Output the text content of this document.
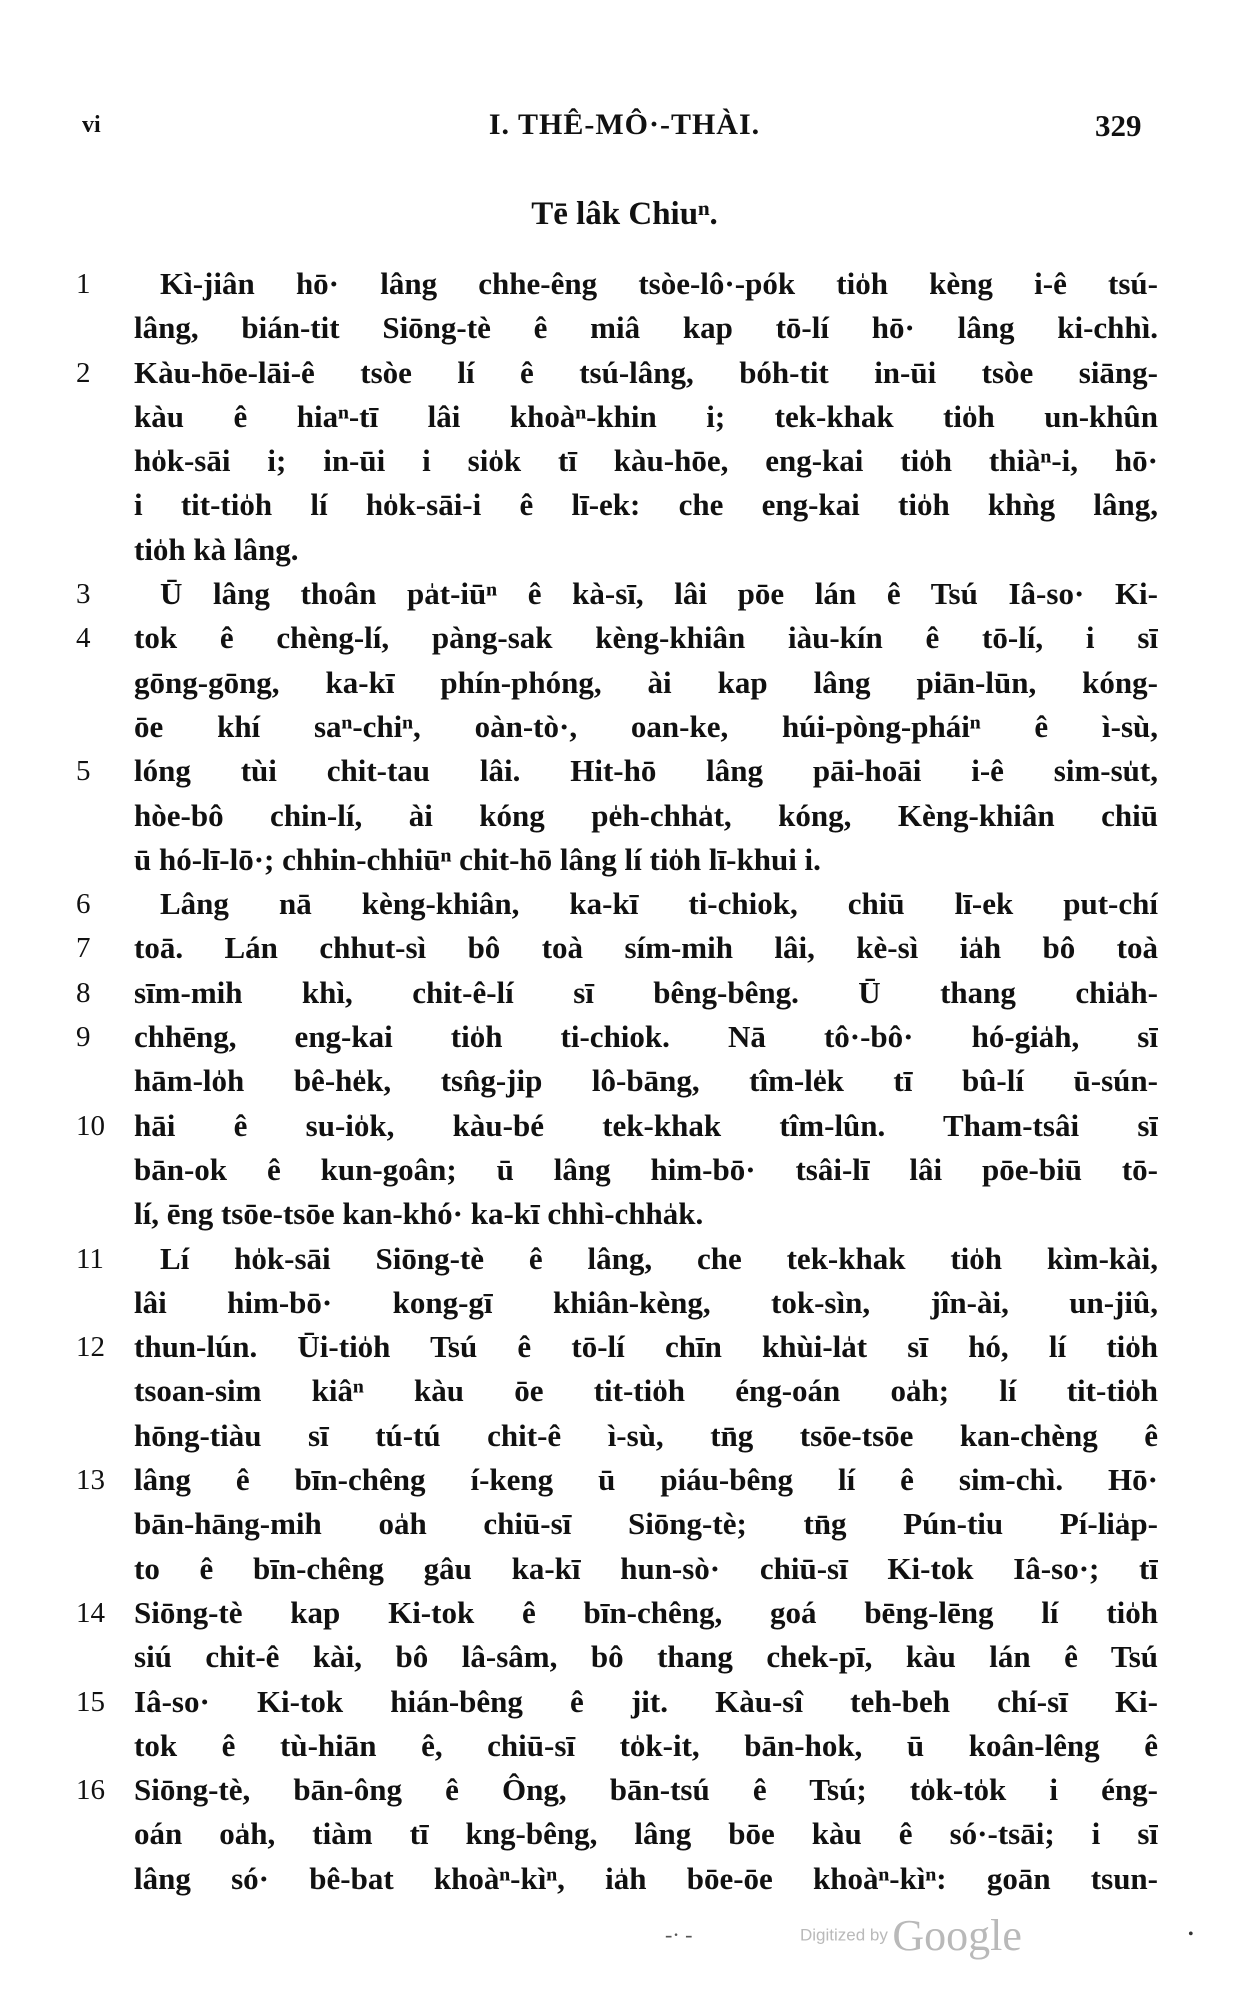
vi	I. THÊ-MÔ·-THÀI.	329
Tē lâk Chiuⁿ.
1	Kì-jiân hō· lâng chhe-êng tsòe-lô·-pók tio̍h kèng i-ê tsú-
lâng, bián-tit Siōng-tè ê miâ kap tō-lí hō· lâng ki-chhì.
2	Kàu-hōe-lāi-ê tsòe lí ê tsú-lâng, bóh-tit in-ūi tsòe siāng-
kàu ê hiaⁿ-tī lâi khoàⁿ-khin i; tek-khak tio̍h un-khûn
ho̍k-sāi i; in-ūi i sio̍k tī kàu-hōe, eng-kai tio̍h thiàⁿ-i, hō·
i tit-tio̍h lí ho̍k-sāi-i ê lī-ek: che eng-kai tio̍h khǹg lâng,
tio̍h kà lâng.
3	Ū lâng thoân pa̍t-iūⁿ ê kà-sī, lâi pōe lán ê Tsú Iâ-so· Ki-
4	tok ê chèng-lí, pàng-sak kèng-khiân iàu-kín ê tō-lí, i sī
gōng-gōng, ka-kī phín-phóng, ài kap lâng piān-lūn, kóng-
ōe khí saⁿ-chiⁿ, oàn-tò·, oan-ke, húi-pòng-pháiⁿ ê ì-sù,
5	lóng tùi chit-tau lâi. Hit-hō lâng pāi-hoāi i-ê sim-su̍t,
hòe-bô chin-lí, ài kóng pe̍h-chha̍t, kóng, Kèng-khiân chiū
ū hó-lī-lō·; chhin-chhiūⁿ chit-hō lâng lí tio̍h lī-khui i.
6	Lâng nā kèng-khiân, ka-kī ti-chiok, chiū lī-ek put-chí
7	toā. Lán chhut-sì bô toà sím-mih lâi, kè-sì ia̍h bô toà
8	sīm-mih khì, chit-ê-lí sī bêng-bêng. Ū thang chia̍h-
9	chhēng, eng-kai tio̍h ti-chiok. Nā tô·-bô· hó-gia̍h, sī
hām-lo̍h bê-he̍k, tsn̂g-jip lô-bāng, tîm-le̍k tī bû-lí ū-sún-
10 hāi ê su-io̍k, kàu-bé tek-khak tîm-lûn. Tham-tsâi sī
bān-ok ê kun-goân; ū lâng him-bō· tsâi-lī lâi pōe-biū tō-
lí, ēng tsōe-tsōe kan-khó· ka-kī chhì-chha̍k.
11	Lí ho̍k-sāi Siōng-tè ê lâng, che tek-khak tio̍h kìm-kài,
lâi him-bō· kong-gī khiân-kèng, tok-sìn, jîn-ài, un-jiû,
12 thun-lún. Ūi-tio̍h Tsú ê tō-lí chīn khùi-la̍t sī hó, lí tio̍h
tsoan-sim kiâⁿ kàu ōe tit-tio̍h éng-oán oa̍h; lí tit-tio̍h
hōng-tiàu sī tú-tú chit-ê ì-sù, tn̄g tsōe-tsōe kan-chèng ê
13 lâng ê bīn-chêng í-keng ū piáu-bêng lí ê sim-chì. Hō·
bān-hāng-mih oa̍h chiū-sī Siōng-tè; tn̄g Pún-tiu Pí-lia̍p-
to ê bīn-chêng gâu ka-kī hun-sò· chiū-sī Ki-tok Iâ-so·; tī
14 Siōng-tè kap Ki-tok ê bīn-chêng, goá bēng-lēng lí tio̍h
siú chit-ê kài, bô lâ-sâm, bô thang chek-pī, kàu lán ê Tsú
15 Iâ-so· Ki-tok hián-bêng ê jit. Kàu-sî teh-beh chí-sī Ki-
tok ê tù-hiān ê, chiū-sī to̍k-it, bān-hok, ū koân-lêng ê
16 Siōng-tè, bān-ông ê Ông, bān-tsú ê Tsú; to̍k-to̍k i éng-
oán oa̍h, tiàm tī kng-bêng, lâng bōe kàu ê só·-tsāi; i sī
lâng só· bê-bat khoàⁿ-kìⁿ, ia̍h bōe-ōe khoàⁿ-kìⁿ: goān tsun-
‑· ‑	Digitized by Google	•
